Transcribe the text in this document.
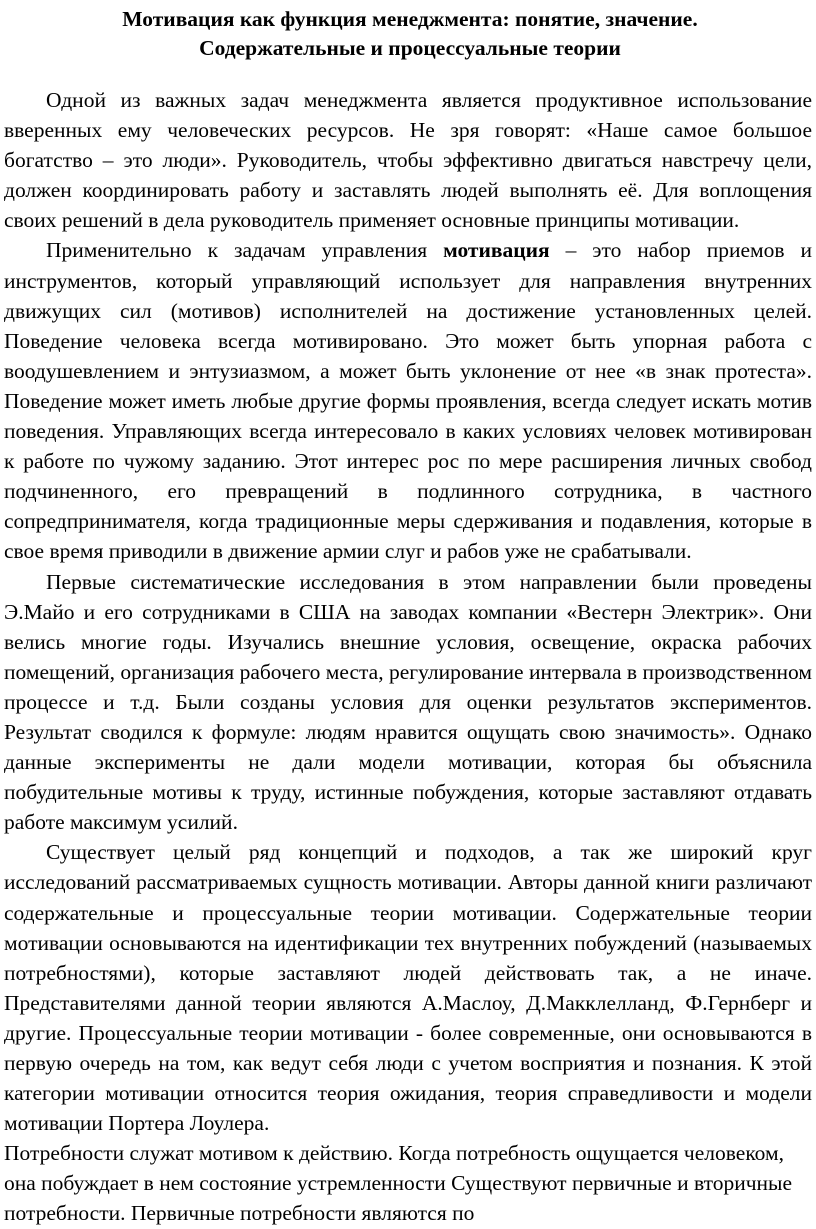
Мотивация как функция менеджмента: понятие, значение.
Содержательные и процессуальные теории

Одной из важных задач менеджмента является продуктивное использование вверенных ему человеческих ресурсов. Не зря говорят: «Наше самое большое богатство – это люди». Руководитель, чтобы эффективно двигаться навстречу цели, должен координировать работу и заставлять людей выполнять её. Для воплощения своих решений в дела руководитель применяет основные принципы мотивации.

Применительно к задачам управления мотивация – это набор приемов и инструментов, который управляющий использует для направления внутренних движущих сил (мотивов) исполнителей на достижение установленных целей. Поведение человека всегда мотивировано. Это может быть упорная работа с воодушевлением и энтузиазмом, а может быть уклонение от нее «в знак протеста». Поведение может иметь любые другие формы проявления, всегда следует искать мотив поведения. Управляющих всегда интересовало в каких условиях человек мотивирован к работе по чужому заданию. Этот интерес рос по мере расширения личных свобод подчиненного, его превращений в подлинного сотрудника, в частного сопредпринимателя, когда традиционные меры сдерживания и подавления, которые в свое время приводили в движение армии слуг и рабов уже не срабатывали.

Первые систематические исследования в этом направлении были проведены Э.Майо и его сотрудниками в США на заводах компании «Вестерн Электрик». Они велись многие годы. Изучались внешние условия, освещение, окраска рабочих помещений, организация рабочего места, регулирование интервала в производственном процессе и т.д. Были созданы условия для оценки результатов экспериментов. Результат сводился к формуле: людям нравится ощущать свою значимость». Однако данные эксперименты не дали модели мотивации, которая бы объяснила побудительные мотивы к труду, истинные побуждения, которые заставляют отдавать работе максимум усилий.

Существует целый ряд концепций и подходов, а так же широкий круг исследований рассматриваемых сущность мотивации. Авторы данной книги различают содержательные и процессуальные теории мотивации. Содержательные теории мотивации основываются на идентификации тех внутренних побуждений (называемых потребностями), которые заставляют людей действовать так, а не иначе. Представителями данной теории являются А.Маслоу, Д.Макклелланд, Ф.Гернберг и другие. Процессуальные теории мотивации - более современные, они основываются в первую очередь на том, как ведут себя люди с учетом восприятия и познания. К этой категории мотивации относится теория ожидания, теория справедливости и модели мотивации Портера Лоулера.

Потребности служат мотивом к действию. Когда потребность ощущается человеком, она побуждает в нем состояние устремленности Существуют первичные и вторичные потребности. Первичные потребности являются по
